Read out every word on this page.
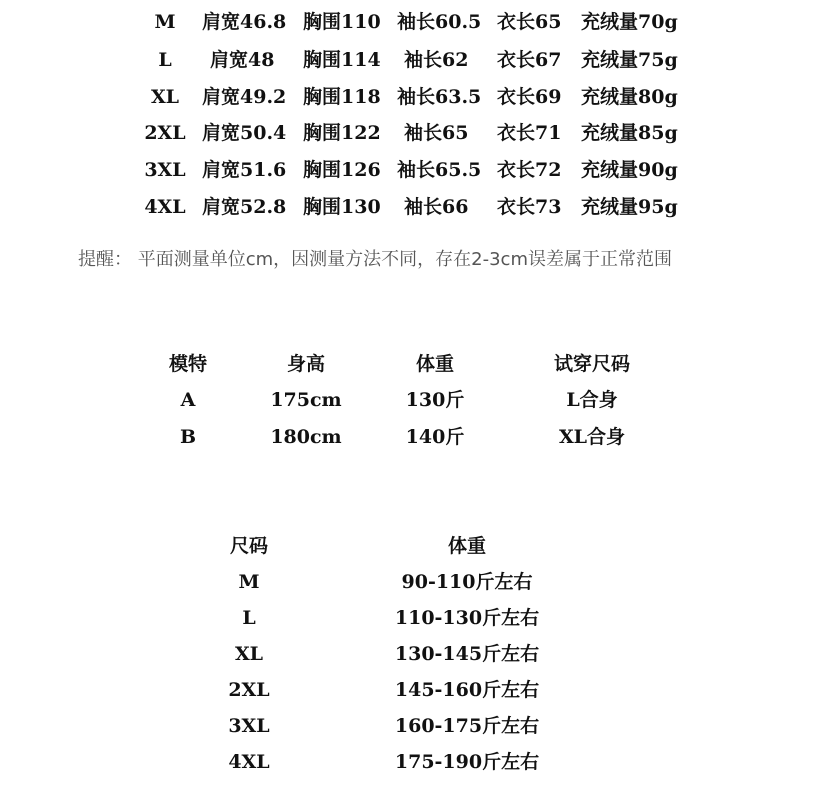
M 肩宽46.8 胸围110 袖长60.5 衣长65 充绒量70g
L 肩宽48 胸围114 袖长62 衣长67 充绒量75g
XL 肩宽49.2 胸围118 袖长63.5 衣长69 充绒量80g
2XL 肩宽50.4 胸围122 袖长65 衣长71 充绒量85g
3XL 肩宽51.6 胸围126 袖长65.5 衣长72 充绒量90g
4XL 肩宽52.8 胸围130 袖长66 衣长73 充绒量95g
提醒： 平面测量单位cm，因测量方法不同，存在2-3cm误差属于正常范围
模特	身高	体重	试穿尺码
A	175cm	130斤	L合身
B	180cm	140斤	XL合身
尺码	体重
M	90-110斤左右
L	110-130斤左右
XL	130-145斤左右
2XL	145-160斤左右
3XL	160-175斤左右
4XL	175-190斤左右
